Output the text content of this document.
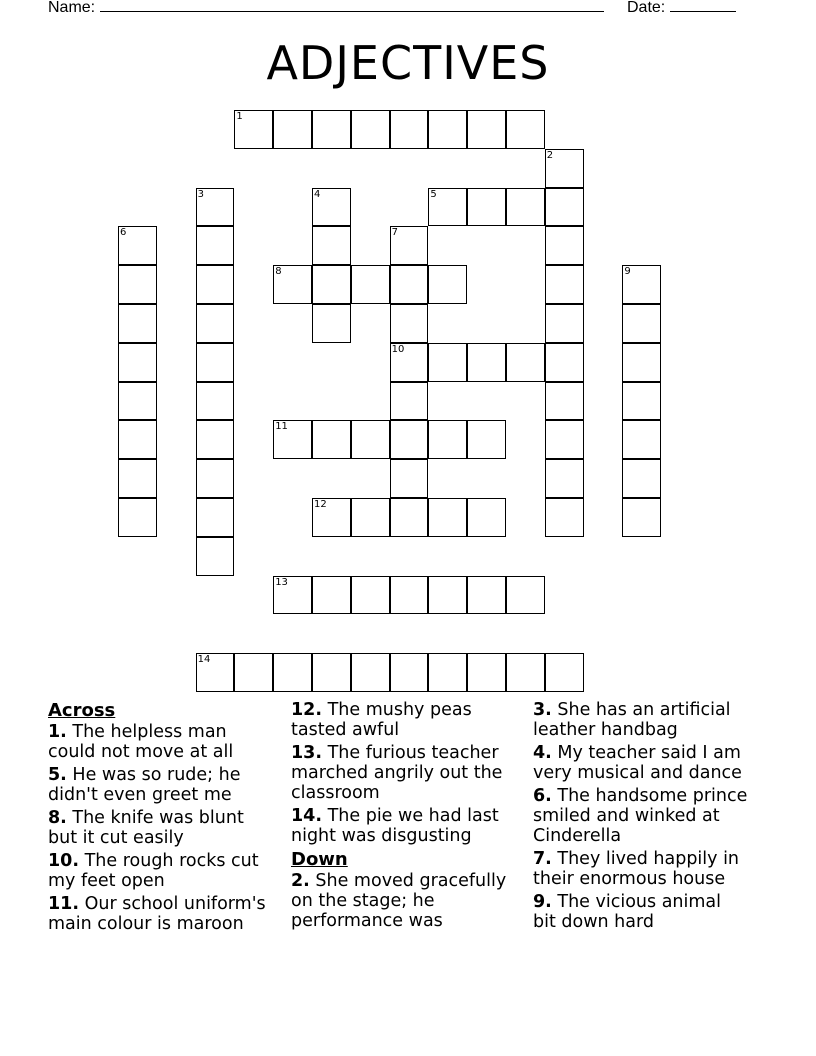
Name:	Date:
ADJECTIVES
1
5
8
10
11
12
13
14
2
3	4
6	7
9
Across
1. The helpless man could not move at all
5. He was so rude; he didn't even greet me
8. The knife was blunt but it cut easily
10. The rough rocks cut my feet open
11. Our school uniform's main colour is maroon
12. The mushy peas tasted awful
13. The furious teacher marched angrily out the classroom
14. The pie we had last night was disgusting
Down
2. She moved gracefully on the stage; he performance was
3. She has an artificial leather handbag
4. My teacher said I am very musical and dance
6. The handsome prince smiled and winked at Cinderella
7. They lived happily in their enormous house
9. The vicious animal bit down hard
